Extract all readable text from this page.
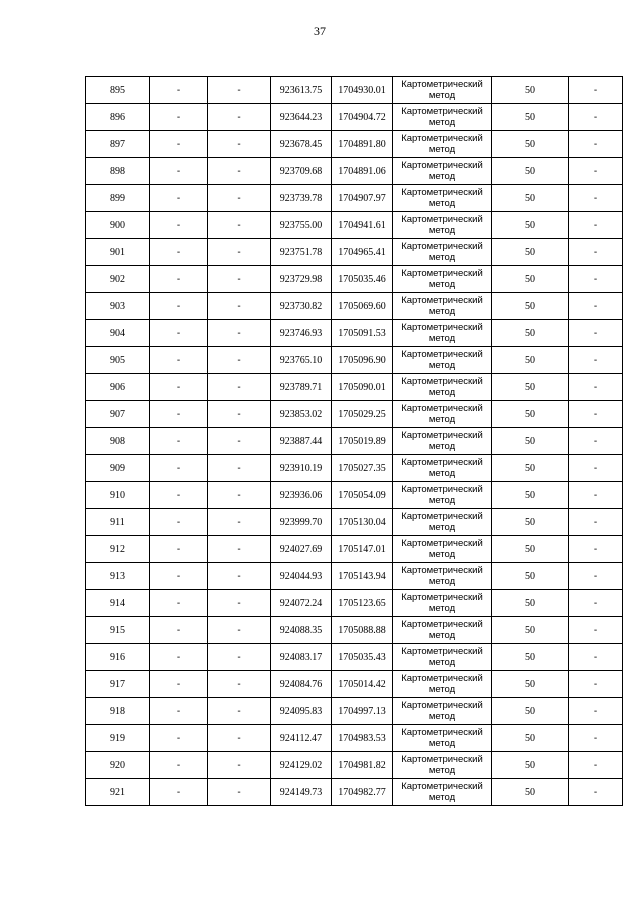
37
895	-	-	923613.75	1704930.01	Картометрический метод	50	-
896	-	-	923644.23	1704904.72	Картометрический метод	50	-
897	-	-	923678.45	1704891.80	Картометрический метод	50	-
898	-	-	923709.68	1704891.06	Картометрический метод	50	-
899	-	-	923739.78	1704907.97	Картометрический метод	50	-
900	-	-	923755.00	1704941.61	Картометрический метод	50	-
901	-	-	923751.78	1704965.41	Картометрический метод	50	-
902	-	-	923729.98	1705035.46	Картометрический метод	50	-
903	-	-	923730.82	1705069.60	Картометрический метод	50	-
904	-	-	923746.93	1705091.53	Картометрический метод	50	-
905	-	-	923765.10	1705096.90	Картометрический метод	50	-
906	-	-	923789.71	1705090.01	Картометрический метод	50	-
907	-	-	923853.02	1705029.25	Картометрический метод	50	-
908	-	-	923887.44	1705019.89	Картометрический метод	50	-
909	-	-	923910.19	1705027.35	Картометрический метод	50	-
910	-	-	923936.06	1705054.09	Картометрический метод	50	-
911	-	-	923999.70	1705130.04	Картометрический метод	50	-
912	-	-	924027.69	1705147.01	Картометрический метод	50	-
913	-	-	924044.93	1705143.94	Картометрический метод	50	-
914	-	-	924072.24	1705123.65	Картометрический метод	50	-
915	-	-	924088.35	1705088.88	Картометрический метод	50	-
916	-	-	924083.17	1705035.43	Картометрический метод	50	-
917	-	-	924084.76	1705014.42	Картометрический метод	50	-
918	-	-	924095.83	1704997.13	Картометрический метод	50	-
919	-	-	924112.47	1704983.53	Картометрический метод	50	-
920	-	-	924129.02	1704981.82	Картометрический метод	50	-
921	-	-	924149.73	1704982.77	Картометрический метод	50	-
